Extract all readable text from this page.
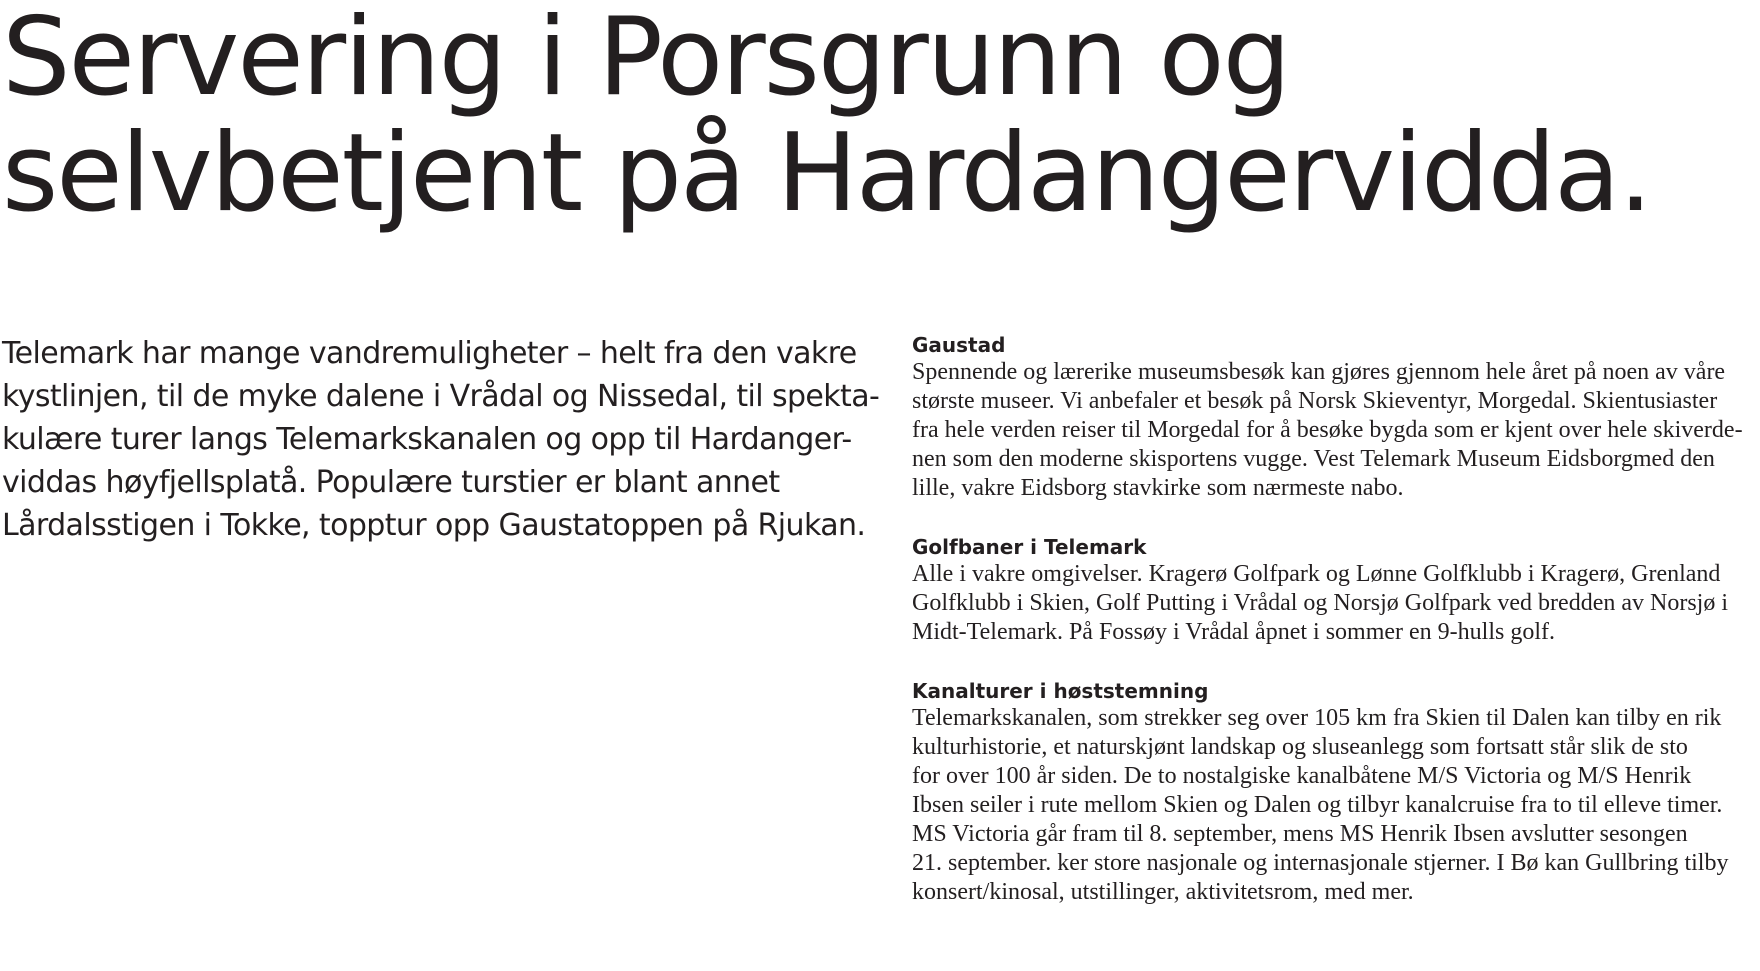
Servering i Porsgrunn og
selvbetjent på Hardangervidda.

Telemark har mange vandremuligheter – helt fra den vakre
kystlinjen, til de myke dalene i Vrådal og Nissedal, til spekta-
kulære turer langs Telemarkskanalen og opp til Hardanger-
viddas høyfjellsplatå. Populære turstier er blant annet
Lårdalsstigen i Tokke, topptur opp Gaustatoppen på Rjukan.

Gaustad

Spennende og lærerike museumsbesøk kan gjøres gjennom hele året på noen av våre
største museer. Vi anbefaler et besøk på Norsk Skieventyr, Morgedal. Skientusiaster
fra hele verden reiser til Morgedal for å besøke bygda som er kjent over hele skiverde-
nen som den moderne skisportens vugge. Vest Telemark Museum Eidsborgmed den
lille, vakre Eidsborg stavkirke som nærmeste nabo.

Golfbaner i Telemark

Alle i vakre omgivelser. Kragerø Golfpark og Lønne Golfklubb i Kragerø, Grenland
Golfklubb i Skien, Golf Putting i Vrådal og Norsjø Golfpark ved bredden av Norsjø i
Midt-Telemark. På Fossøy i Vrådal åpnet i sommer en 9-hulls golf.

Kanalturer i høststemning

Telemarkskanalen, som strekker seg over 105 km fra Skien til Dalen kan tilby en rik
kulturhistorie, et naturskjønt landskap og sluseanlegg som fortsatt står slik de sto
for over 100 år siden. De to nostalgiske kanalbåtene M/S Victoria og M/S Henrik
Ibsen seiler i rute mellom Skien og Dalen og tilbyr kanalcruise fra to til elleve timer.
MS Victoria går fram til 8. september, mens MS Henrik Ibsen avslutter sesongen
21. september. ker store nasjonale og internasjonale stjerner. I Bø kan Gullbring tilby
konsert/kinosal, utstillinger, aktivitetsrom, med mer.
